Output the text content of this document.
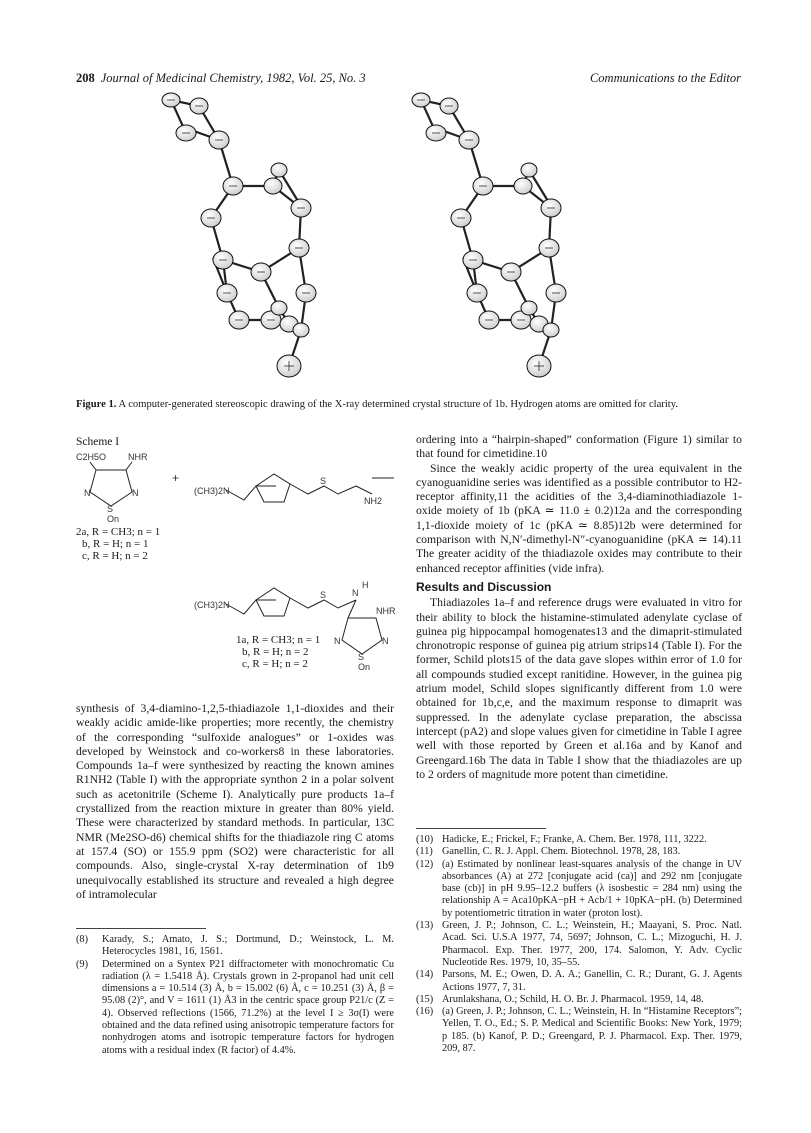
208 Journal of Medicinal Chemistry, 1982, Vol. 25, No. 3	Communications to the Editor
Figure 1. A computer-generated stereoscopic drawing of the X-ray determined crystal structure of 1b. Hydrogen atoms are omitted for clarity.
Scheme I
C2H5O NHR
N	N
S
On
+
(CH3)2N
S
NH2
(CH3)2N
S	N
H
NHR
N	N
S
On
2a, R = CH3; n = 1
b, R = H; n = 1
c, R = H; n = 2
1a, R = CH3; n = 1
b, R = H; n = 2
c, R = H; n = 2

synthesis of 3,4-diamino-1,2,5-thiadiazole 1,1-dioxides and their weakly acidic amide-like properties; more recently, the chemistry of the corresponding “sulfoxide analogues” or 1-oxides was developed by Weinstock and co-workers8 in these laboratories. Compounds 1a–f were synthesized by reacting the known amines R1NH2 (Table I) with the appropriate synthon 2 in a polar solvent such as acetonitrile (Scheme I). Analytically pure products 1a–f crystallized from the reaction mixture in greater than 80% yield. These were characterized by standard methods. In particular, 13C NMR (Me2SO-d6) chemical shifts for the thiadiazole ring C atoms at 157.4 (SO) or 155.9 ppm (SO2) were characteristic for all compounds. Also, single-crystal X-ray determination of 1b9 unequivocally established its structure and revealed a high degree of intramolecular

(8) Karady, S.; Amato, J. S.; Dortmund, D.; Weinstock, L. M. Heterocycles 1981, 16, 1561.
(9) Determined on a Syntex P21 diffractometer with monochromatic Cu radiation (λ = 1.5418 Å). Crystals grown in 2-propanol had unit cell dimensions a = 10.514 (3) Å, b = 15.002 (6) Å, c = 10.251 (3) Å, β = 95.08 (2)°, and V = 1611 (1) Å3 in the centric space group P21/c (Z = 4). Observed reflections (1566, 71.2%) at the level I ≥ 3σ(I) were obtained and the data refined using anisotropic temperature factors for nonhydrogen atoms and isotropic temperature factors for hydrogen atoms with a residual index (R factor) of 4.4%.

ordering into a “hairpin-shaped” conformation (Figure 1) similar to that found for cimetidine.10

Since the weakly acidic property of the urea equivalent in the cyanoguanidine series was identified as a possible contributor to H2-receptor affinity,11 the acidities of the 3,4-diaminothiadiazole 1-oxide moiety of 1b (pKA ≃ 11.0 ± 0.2)12a and the corresponding 1,1-dioxide moiety of 1c (pKA ≃ 8.85)12b were determined for comparison with N,N′-dimethyl-N″-cyanoguanidine (pKA ≃ 14).11 The greater acidity of the thiadiazole oxides may contribute to their enhanced receptor affinities (vide infra).

Results and Discussion

Thiadiazoles 1a–f and reference drugs were evaluated in vitro for their ability to block the histamine-stimulated adenylate cyclase of guinea pig hippocampal homogenates13 and the dimaprit-stimulated chronotropic response of guinea pig atrium strips14 (Table I). For the former, Schild plots15 of the data gave slopes within error of 1.0 for all compounds studied except ranitidine. However, in the guinea pig atrium model, Schild slopes significantly different from 1.0 were obtained for 1b,c,e, and the maximum response to dimaprit was suppressed. In the adenylate cyclase preparation, the abscissa intercept (pA2) and slope values given for cimetidine in Table I agree well with those reported by Green et al.16a and by Kanof and Greengard.16b The data in Table I show that the thiadiazoles are up to 2 orders of magnitude more potent than cimetidine.

(10) Hadicke, E.; Frickel, F.; Franke, A. Chem. Ber. 1978, 111, 3222.
(11) Ganellin, C. R. J. Appl. Chem. Biotechnol. 1978, 28, 183.
(12) (a) Estimated by nonlinear least-squares analysis of the change in UV absorbances (A) at 272 [conjugate acid (ca)] and 292 nm [conjugate base (cb)] in pH 9.95–12.2 buffers (λ isosbestic = 284 nm) using the relationship A = Aca10pKA−pH + Acb/1 + 10pKA−pH. (b) Determined by potentiometric titration in water (proton lost).
(13) Green, J. P.; Johnson, C. L.; Weinstein, H.; Maayani, S. Proc. Natl. Acad. Sci. U.S.A 1977, 74, 5697; Johnson, C. L.; Mizoguchi, H. J. Pharmacol. Exp. Ther. 1977, 200, 174. Salomon, Y. Adv. Cyclic Nucleotide Res. 1979, 10, 35–55.
(14) Parsons, M. E.; Owen, D. A. A.; Ganellin, C. R.; Durant, G. J. Agents Actions 1977, 7, 31.
(15) Arunlakshana, O.; Schild, H. O. Br. J. Pharmacol. 1959, 14, 48.
(16) (a) Green, J. P.; Johnson, C. L.; Weinstein, H. In “Histamine Receptors”; Yellen, T. O., Ed.; S. P. Medical and Scientific Books: New York, 1979; p 185. (b) Kanof, P. D.; Greengard, P. J. Pharmacol. Exp. Ther. 1979, 209, 87.
